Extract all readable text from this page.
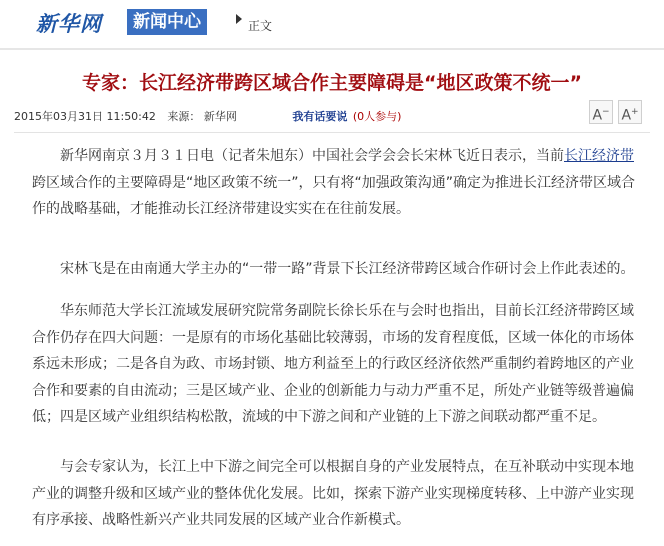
新华网	新闻中心	正文
专家：长江经济带跨区域合作主要障碍是“地区政策不统一”
2015年03月31日 11:50:42 来源： 新华网	我有话要说 (0人参与)	A− A+

新华网南京３月３１日电（记者朱旭东）中国社会学会会长宋林飞近日表示，当前长江经济带跨区域合作的主要障碍是“地区政策不统一”，只有将“加强政策沟通”确定为推进长江经济带区域合作的战略基础，才能推动长江经济带建设实实在在往前发展。

宋林飞是在由南通大学主办的“一带一路”背景下长江经济带跨区域合作研讨会上作此表述的。

华东师范大学长江流域发展研究院常务副院长徐长乐在与会时也指出，目前长江经济带跨区域合作仍存在四大问题：一是原有的市场化基础比较薄弱，市场的发育程度低，区域一体化的市场体系远未形成；二是各自为政、市场封锁、地方利益至上的行政区经济依然严重制约着跨地区的产业合作和要素的自由流动；三是区域产业、企业的创新能力与动力严重不足，所处产业链等级普遍偏低；四是区域产业组织结构松散，流域的中下游之间和产业链的上下游之间联动都严重不足。

与会专家认为，长江上中下游之间完全可以根据自身的产业发展特点，在互补联动中实现本地产业的调整升级和区域产业的整体优化发展。比如，探索下游产业实现梯度转移、上中游产业实现有序承接、战略性新兴产业共同发展的区域产业合作新模式。
